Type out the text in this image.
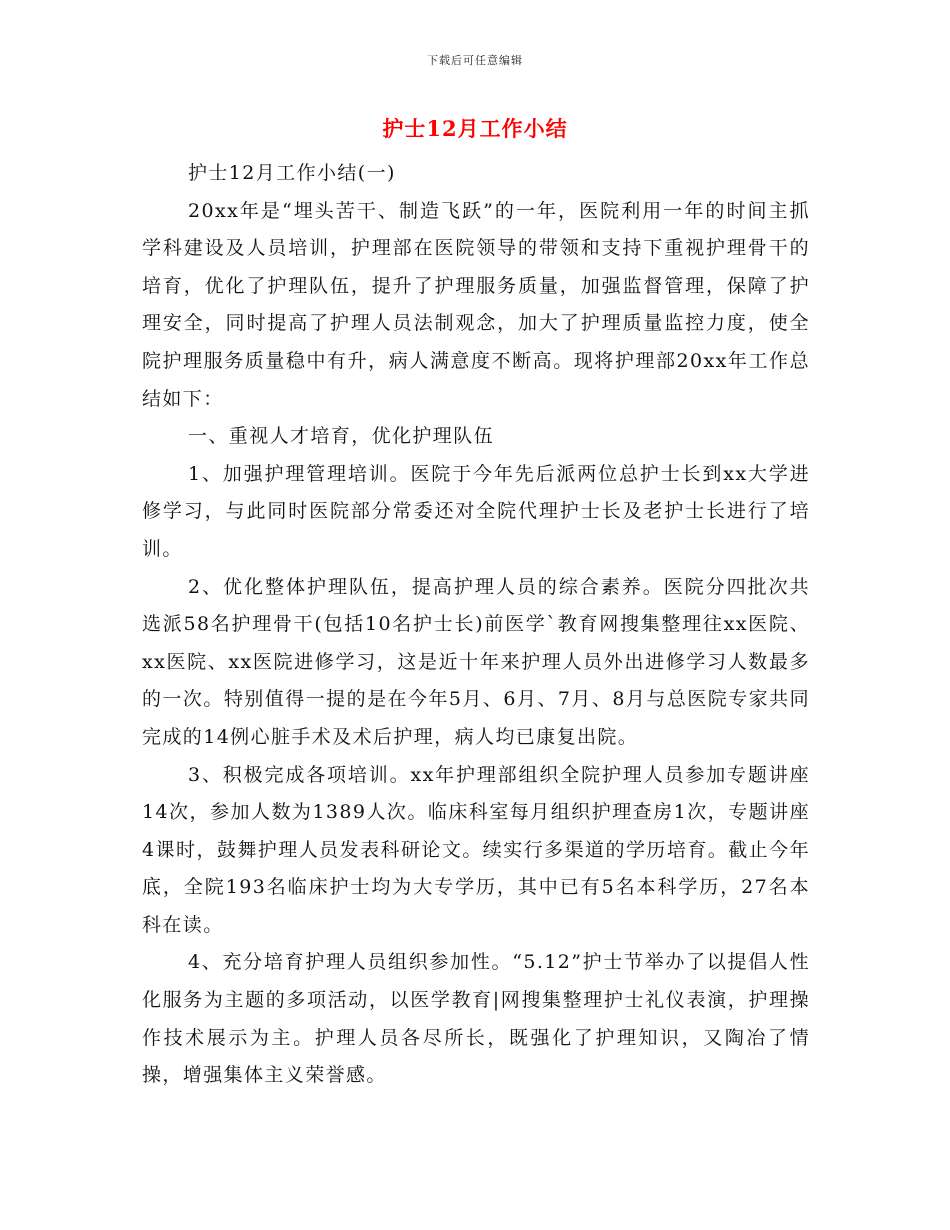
下载后可任意编辑
护士12月工作小结

护士12月工作小结(一)

20xx年是“埋头苦干、制造飞跃”的一年，医院利用一年的时间主抓学科建设及人员培训，护理部在医院领导的带领和支持下重视护理骨干的培育，优化了护理队伍，提升了护理服务质量，加强监督管理，保障了护理安全，同时提高了护理人员法制观念，加大了护理质量监控力度，使全院护理服务质量稳中有升，病人满意度不断高。现将护理部20xx年工作总结如下：

一、重视人才培育，优化护理队伍

1、加强护理管理培训。医院于今年先后派两位总护士长到xx大学进修学习，与此同时医院部分常委还对全院代理护士长及老护士长进行了培训。

2、优化整体护理队伍，提高护理人员的综合素养。医院分四批次共选派58名护理骨干(包括10名护士长)前医学`教育网搜集整理往xx医院、xx医院、xx医院进修学习，这是近十年来护理人员外出进修学习人数最多的一次。特别值得一提的是在今年5月、6月、7月、8月与总医院专家共同完成的14例心脏手术及术后护理，病人均已康复出院。

3、积极完成各项培训。xx年护理部组织全院护理人员参加专题讲座14次，参加人数为1389人次。临床科室每月组织护理查房1次，专题讲座4课时，鼓舞护理人员发表科研论文。续实行多渠道的学历培育。截止今年底，全院193名临床护士均为大专学历，其中已有5名本科学历，27名本科在读。

4、充分培育护理人员组织参加性。“5.12”护士节举办了以提倡人性化服务为主题的多项活动，以医学教育|网搜集整理护士礼仪表演，护理操作技术展示为主。护理人员各尽所长，既强化了护理知识，又陶冶了情操，增强集体主义荣誉感。
